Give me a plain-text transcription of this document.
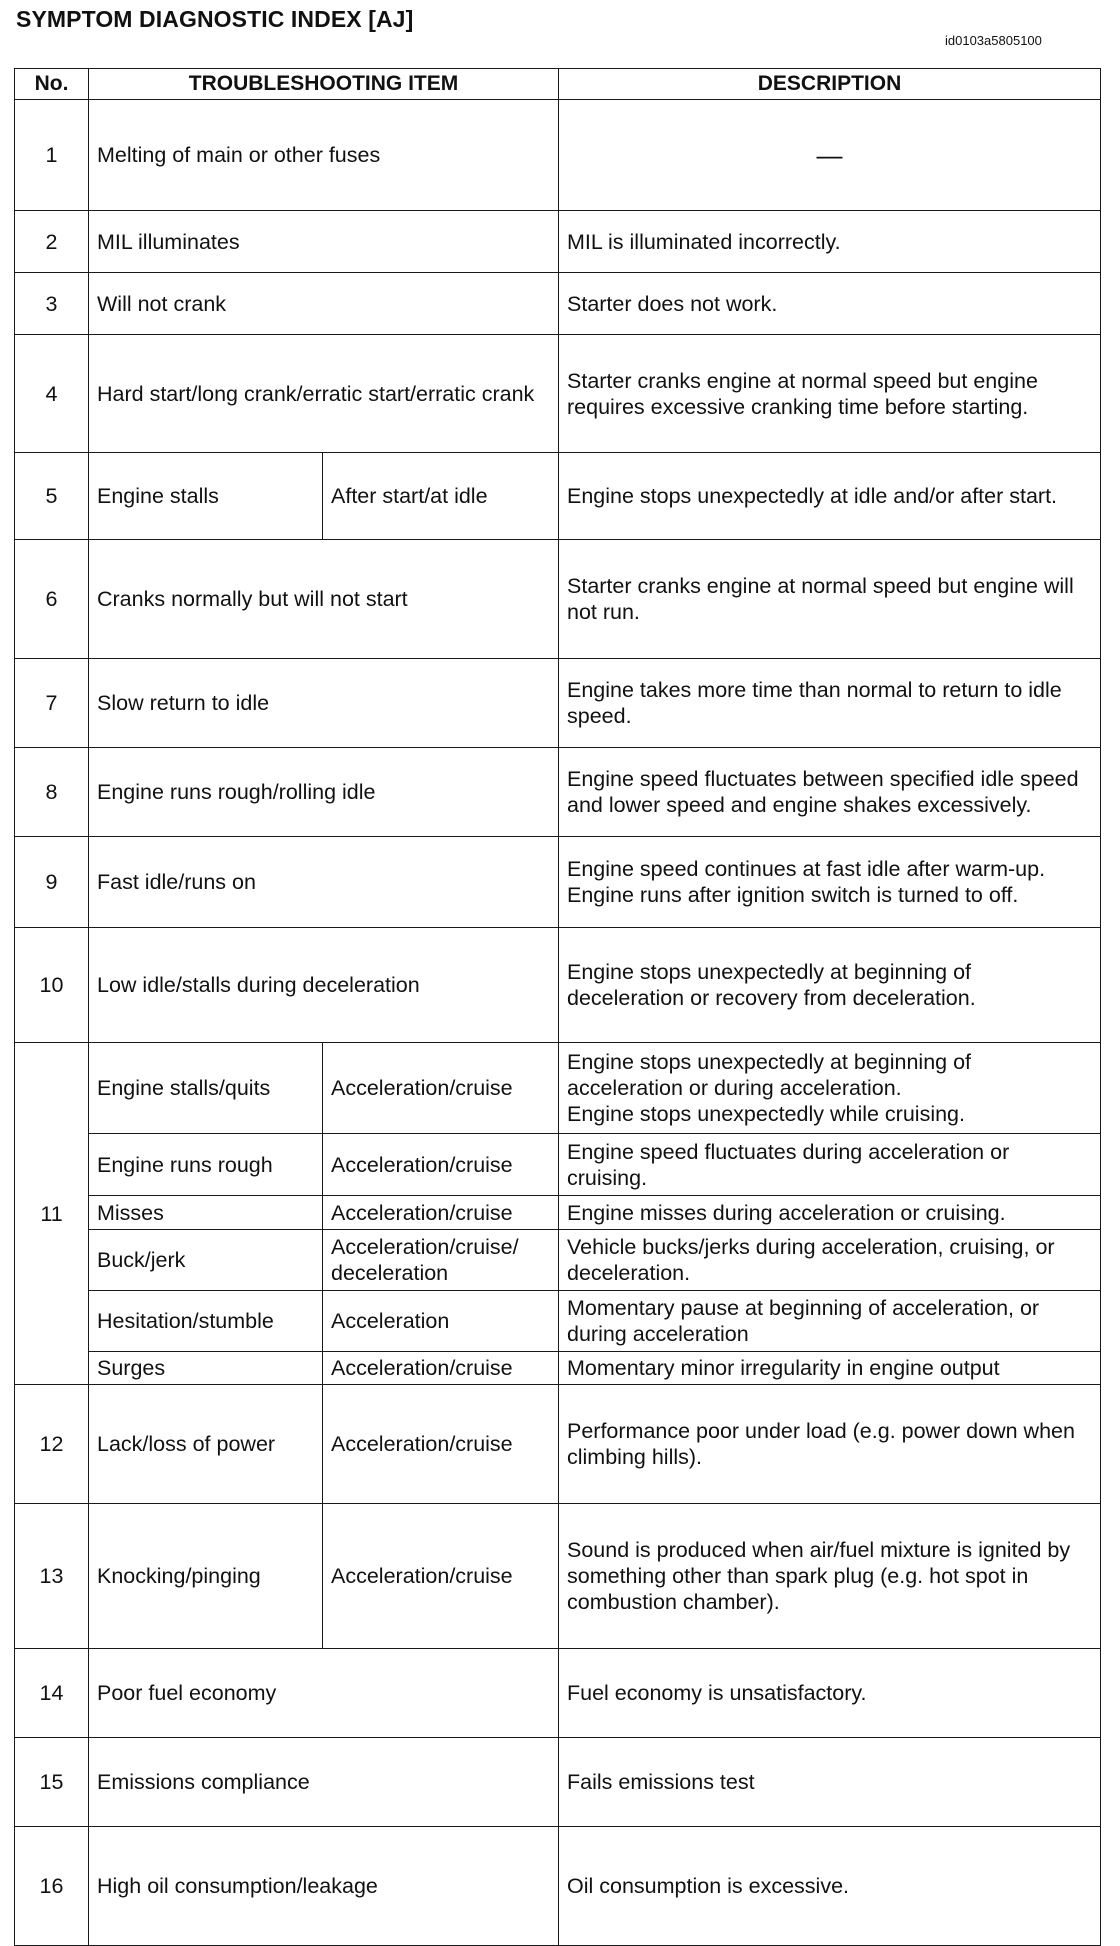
SYMPTOM DIAGNOSTIC INDEX [AJ]
id0103a5805100
No.	TROUBLESHOOTING ITEM		DESCRIPTION
1	Melting of main or other fuses		—
2	MIL illuminates		MIL is illuminated incorrectly.
3	Will not crank		Starter does not work.
4	Hard start/long crank/erratic start/erratic crank		Starter cranks engine at normal speed but engine requires excessive cranking time before starting.
5	Engine stalls	After start/at idle	Engine stops unexpectedly at idle and/or after start.
6	Cranks normally but will not start		Starter cranks engine at normal speed but engine will not run.
7	Slow return to idle		Engine takes more time than normal to return to idle speed.
8	Engine runs rough/rolling idle		Engine speed fluctuates between specified idle speed and lower speed and engine shakes excessively.
9	Fast idle/runs on		Engine speed continues at fast idle after warm-up.
Engine runs after ignition switch is turned to off.

10	Low idle/stalls during deceleration		Engine stops unexpectedly at beginning of deceleration or recovery from deceleration.
11	Engine stalls/quits	Acceleration/cruise	Engine stops unexpectedly at beginning of acceleration or during acceleration.
Engine stops unexpectedly while cruising.

	Engine runs rough	Acceleration/cruise	Engine speed fluctuates during acceleration or cruising.
	Misses	Acceleration/cruise	Engine misses during acceleration or cruising.
	Buck/jerk	Acceleration/cruise/ deceleration	Vehicle bucks/jerks during acceleration, cruising, or deceleration.
	Hesitation/stumble	Acceleration	Momentary pause at beginning of acceleration, or during acceleration
	Surges	Acceleration/cruise	Momentary minor irregularity in engine output
12	Lack/loss of power	Acceleration/cruise	Performance poor under load (e.g. power down when climbing hills).
13	Knocking/pinging	Acceleration/cruise	Sound is produced when air/fuel mixture is ignited by something other than spark plug (e.g. hot spot in combustion chamber).
14	Poor fuel economy		Fuel economy is unsatisfactory.
15	Emissions compliance		Fails emissions test
16	High oil consumption/leakage		Oil consumption is excessive.
